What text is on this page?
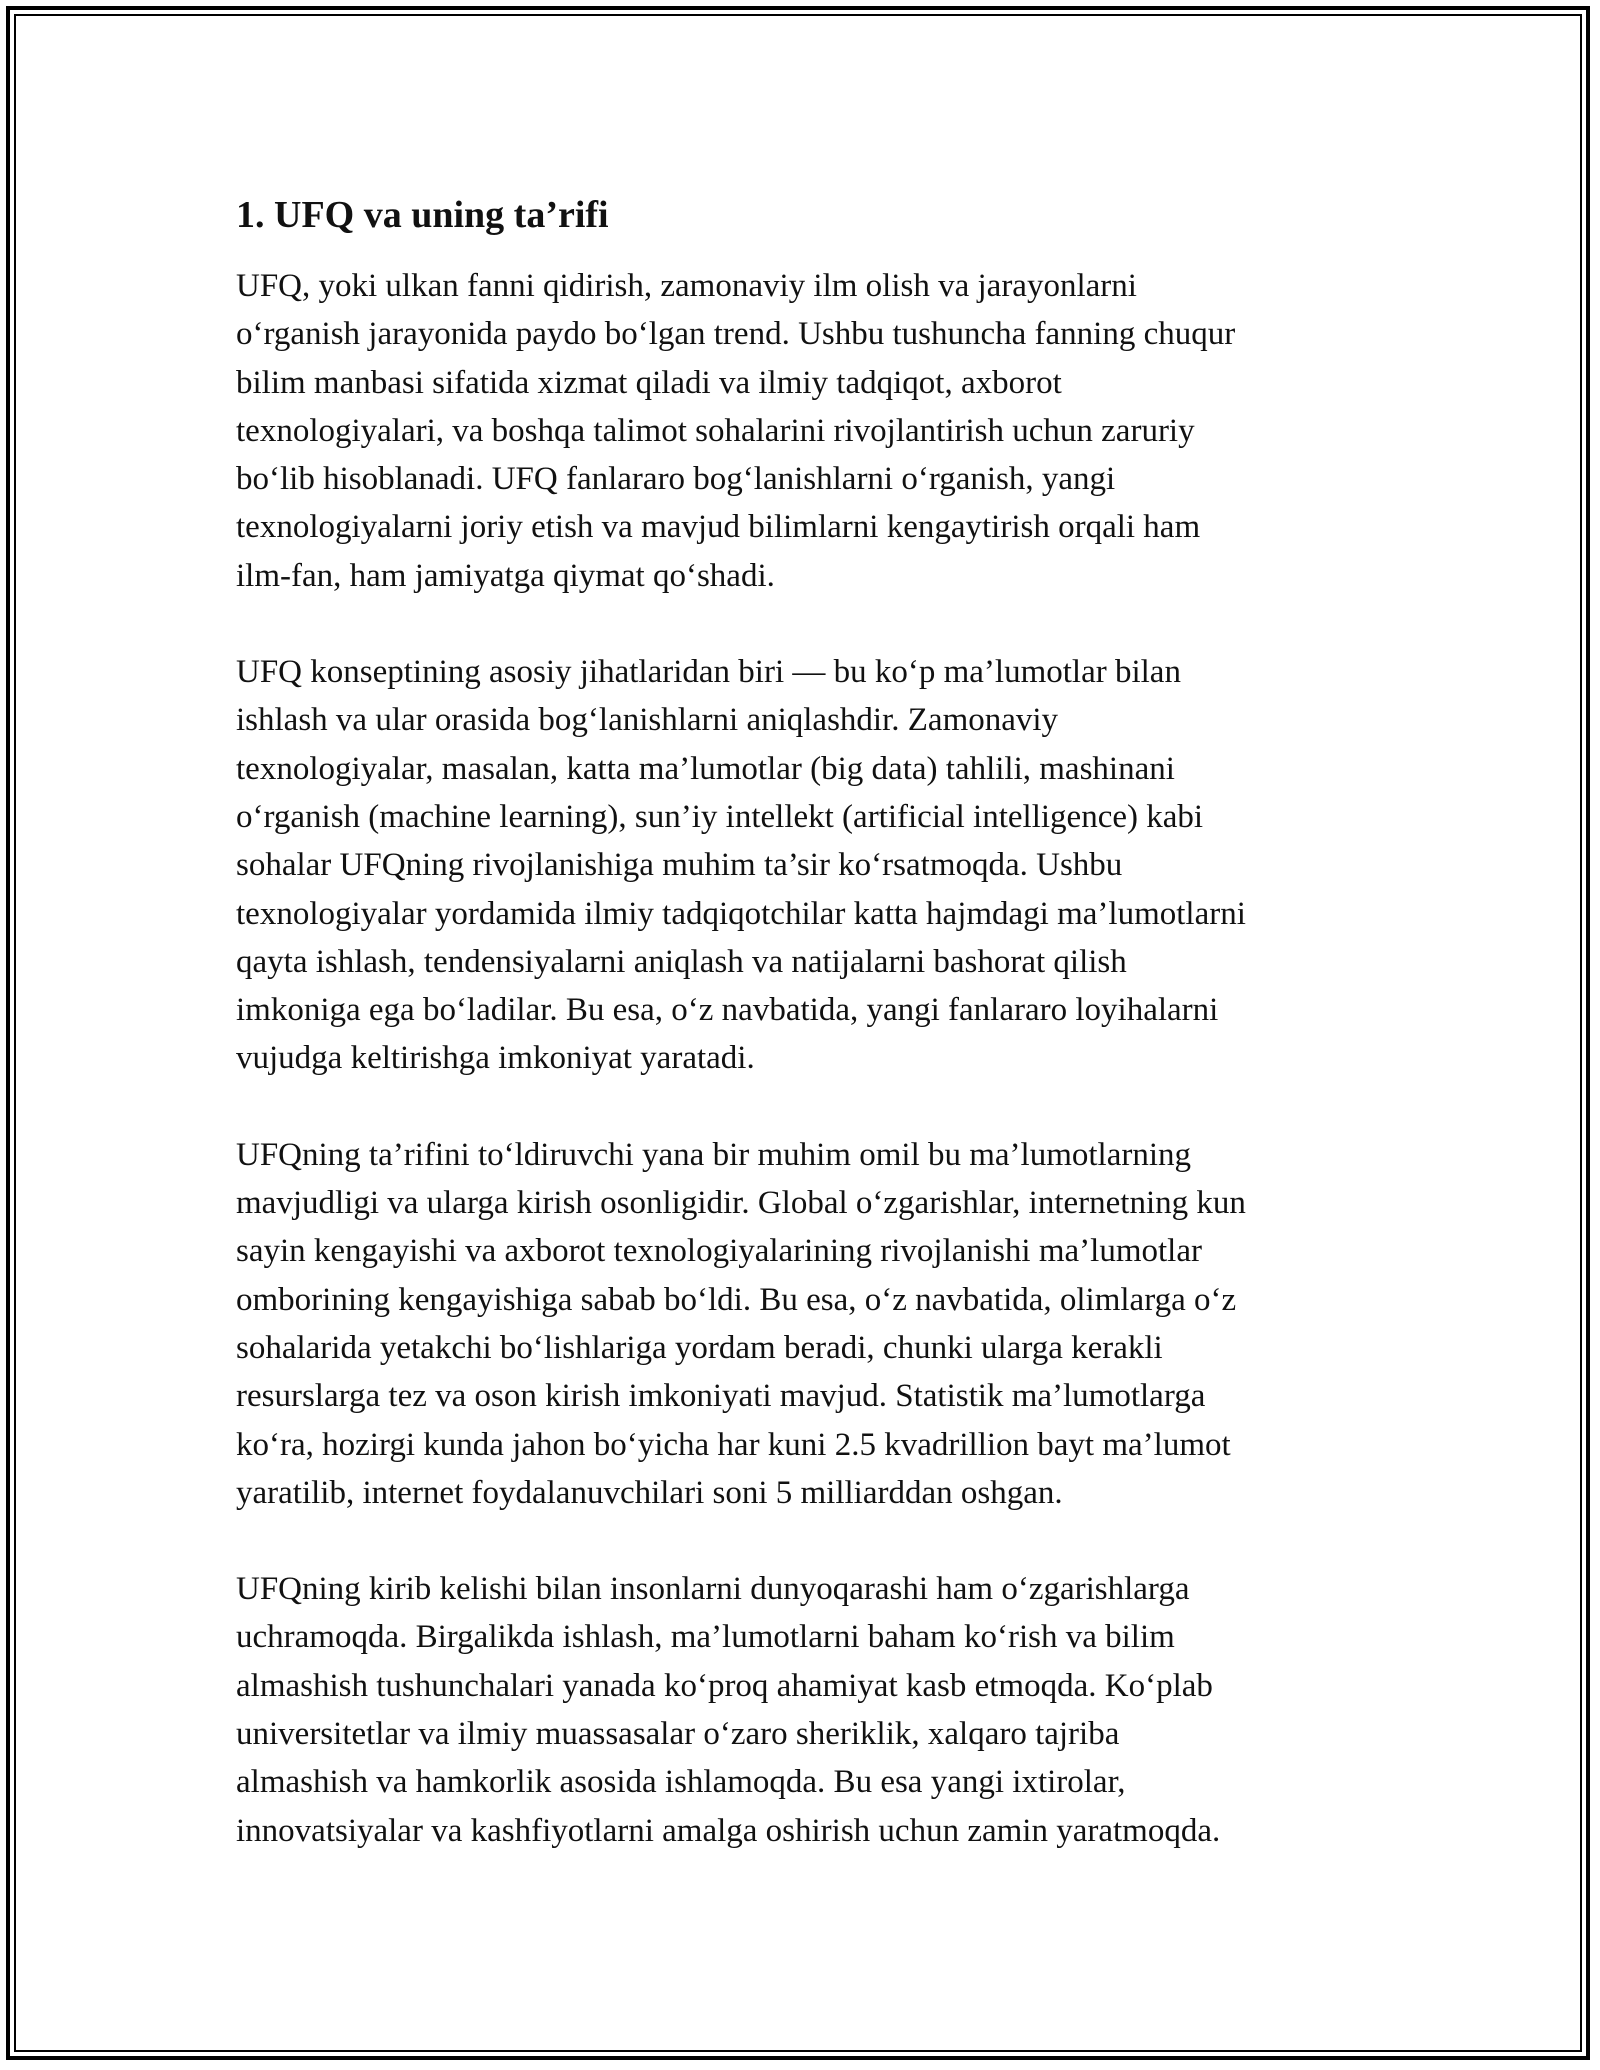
1. UFQ va uning ta’rifi

UFQ, yoki ulkan fanni qidirish, zamonaviy ilm olish va jarayonlarni
o‘rganish jarayonida paydo bo‘lgan trend. Ushbu tushuncha fanning chuqur
bilim manbasi sifatida xizmat qiladi va ilmiy tadqiqot, axborot
texnologiyalari, va boshqa talimot sohalarini rivojlantirish uchun zaruriy
bo‘lib hisoblanadi. UFQ fanlararo bog‘lanishlarni o‘rganish, yangi
texnologiyalarni joriy etish va mavjud bilimlarni kengaytirish orqali ham
ilm-fan, ham jamiyatga qiymat qo‘shadi.

UFQ konseptining asosiy jihatlaridan biri — bu ko‘p ma’lumotlar bilan
ishlash va ular orasida bog‘lanishlarni aniqlashdir. Zamonaviy
texnologiyalar, masalan, katta ma’lumotlar (big data) tahlili, mashinani
o‘rganish (machine learning), sun’iy intellekt (artificial intelligence) kabi
sohalar UFQning rivojlanishiga muhim ta’sir ko‘rsatmoqda. Ushbu
texnologiyalar yordamida ilmiy tadqiqotchilar katta hajmdagi ma’lumotlarni
qayta ishlash, tendensiyalarni aniqlash va natijalarni bashorat qilish
imkoniga ega bo‘ladilar. Bu esa, o‘z navbatida, yangi fanlararo loyihalarni
vujudga keltirishga imkoniyat yaratadi.

UFQning ta’rifini to‘ldiruvchi yana bir muhim omil bu ma’lumotlarning
mavjudligi va ularga kirish osonligidir. Global o‘zgarishlar, internetning kun
sayin kengayishi va axborot texnologiyalarining rivojlanishi ma’lumotlar
omborining kengayishiga sabab bo‘ldi. Bu esa, o‘z navbatida, olimlarga o‘z
sohalarida yetakchi bo‘lishlariga yordam beradi, chunki ularga kerakli
resurslarga tez va oson kirish imkoniyati mavjud. Statistik ma’lumotlarga
ko‘ra, hozirgi kunda jahon bo‘yicha har kuni 2.5 kvadrillion bayt ma’lumot
yaratilib, internet foydalanuvchilari soni 5 milliarddan oshgan.

UFQning kirib kelishi bilan insonlarni dunyoqarashi ham o‘zgarishlarga
uchramoqda. Birgalikda ishlash, ma’lumotlarni baham ko‘rish va bilim
almashish tushunchalari yanada ko‘proq ahamiyat kasb etmoqda. Ko‘plab
universitetlar va ilmiy muassasalar o‘zaro sheriklik, xalqaro tajriba
almashish va hamkorlik asosida ishlamoqda. Bu esa yangi ixtirolar,
innovatsiyalar va kashfiyotlarni amalga oshirish uchun zamin yaratmoqda.
